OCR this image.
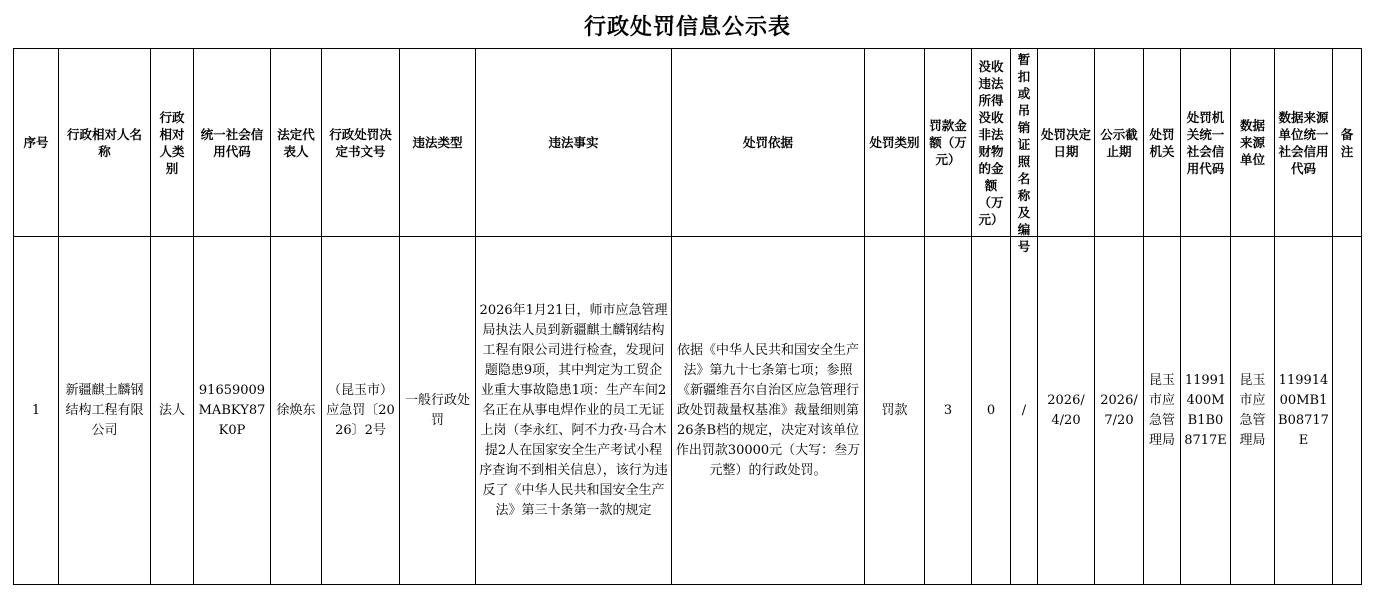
行政处罚信息公示表
序号	行政相对人名称	行政相对人类别	统一社会信用代码	法定代表人	行政处罚决定书文号	违法类型	违法事实	处罚依据	处罚类别	罚款金额（万元）	没收违法所得没收非法财物的金额（万元）	暂扣或吊销证照名称及编号	处罚决定日期	公示截止期	处罚机关	处罚机关统一社会信用代码	数据来源单位	数据来源单位统一社会信用代码	备注
1	新疆麒土麟钢结构工程有限公司	法人	91659009MABKY87K0P	徐焕东	（昆玉市）应急罚〔2026〕2号	一般行政处罚	2026年1月21日，师市应急管理局执法人员到新疆麒土麟钢结构工程有限公司进行检查，发现问题隐患9项，其中判定为工贸企业重大事故隐患1项：生产车间2名正在从事电焊作业的员工无证上岗（李永红、阿不力孜·马合木提2人在国家安全生产考试小程序查询不到相关信息），该行为违反了《中华人民共和国安全生产法》第三十条第一款的规定	依据《中华人民共和国安全生产法》第九十七条第七项；参照《新疆维吾尔自治区应急管理行政处罚裁量权基准》裁量细则第26条B档的规定，决定对该单位作出罚款30000元（大写：叁万元整）的行政处罚。	罚款	3	0	/	2026/4/20	2026/7/20	昆玉市应急管理局	11991400MB1B08717E	昆玉市应急管理局	11991400MB1B08717E	
